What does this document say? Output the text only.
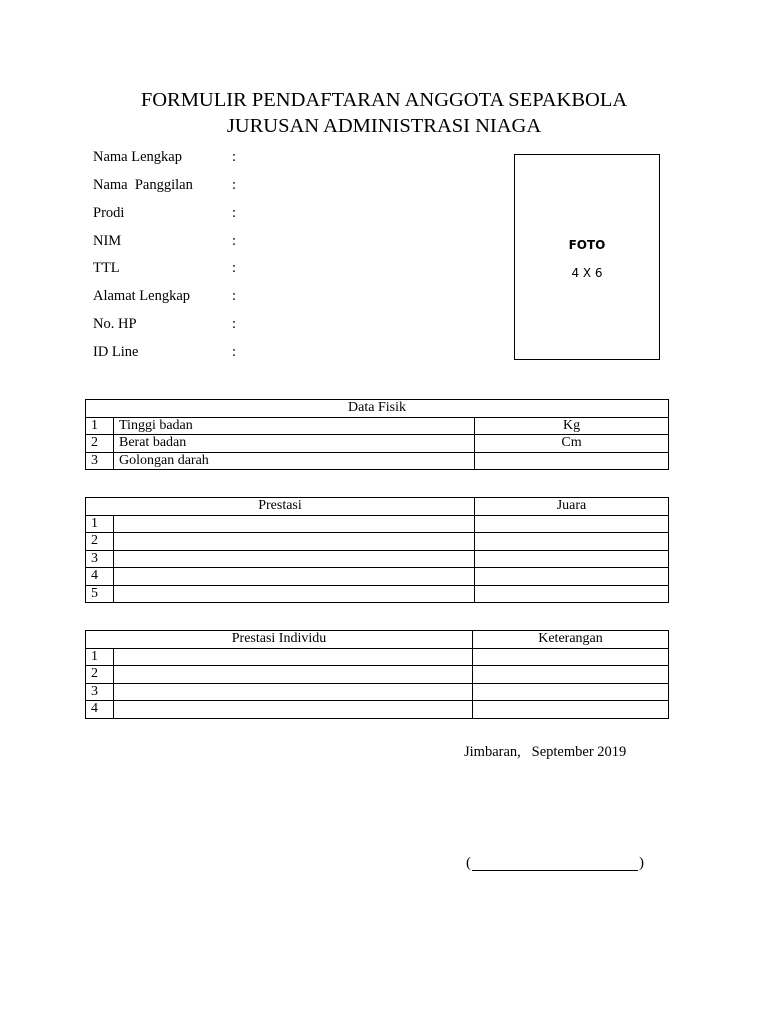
FORMULIR PENDAFTARAN ANGGOTA SEPAKBOLA
JURUSAN ADMINISTRASI NIAGA

Nama Lengkap

	:

Nama  Panggilan

	:

Prodi

	:

NIM

	:

TTL

	:

Alamat Lengkap

	:

No. HP

	:

ID Line

	:

FOTO
4 X 6
Data Fisik		
1	Tinggi badan	Kg
2	Berat badan	Cm
3	Golongan darah	
Prestasi		Juara
1		
2		
3		
4		
5		
Prestasi Individu		Keterangan
1		
2		
3		
4		
Jimbaran,   September 2019
(	)
